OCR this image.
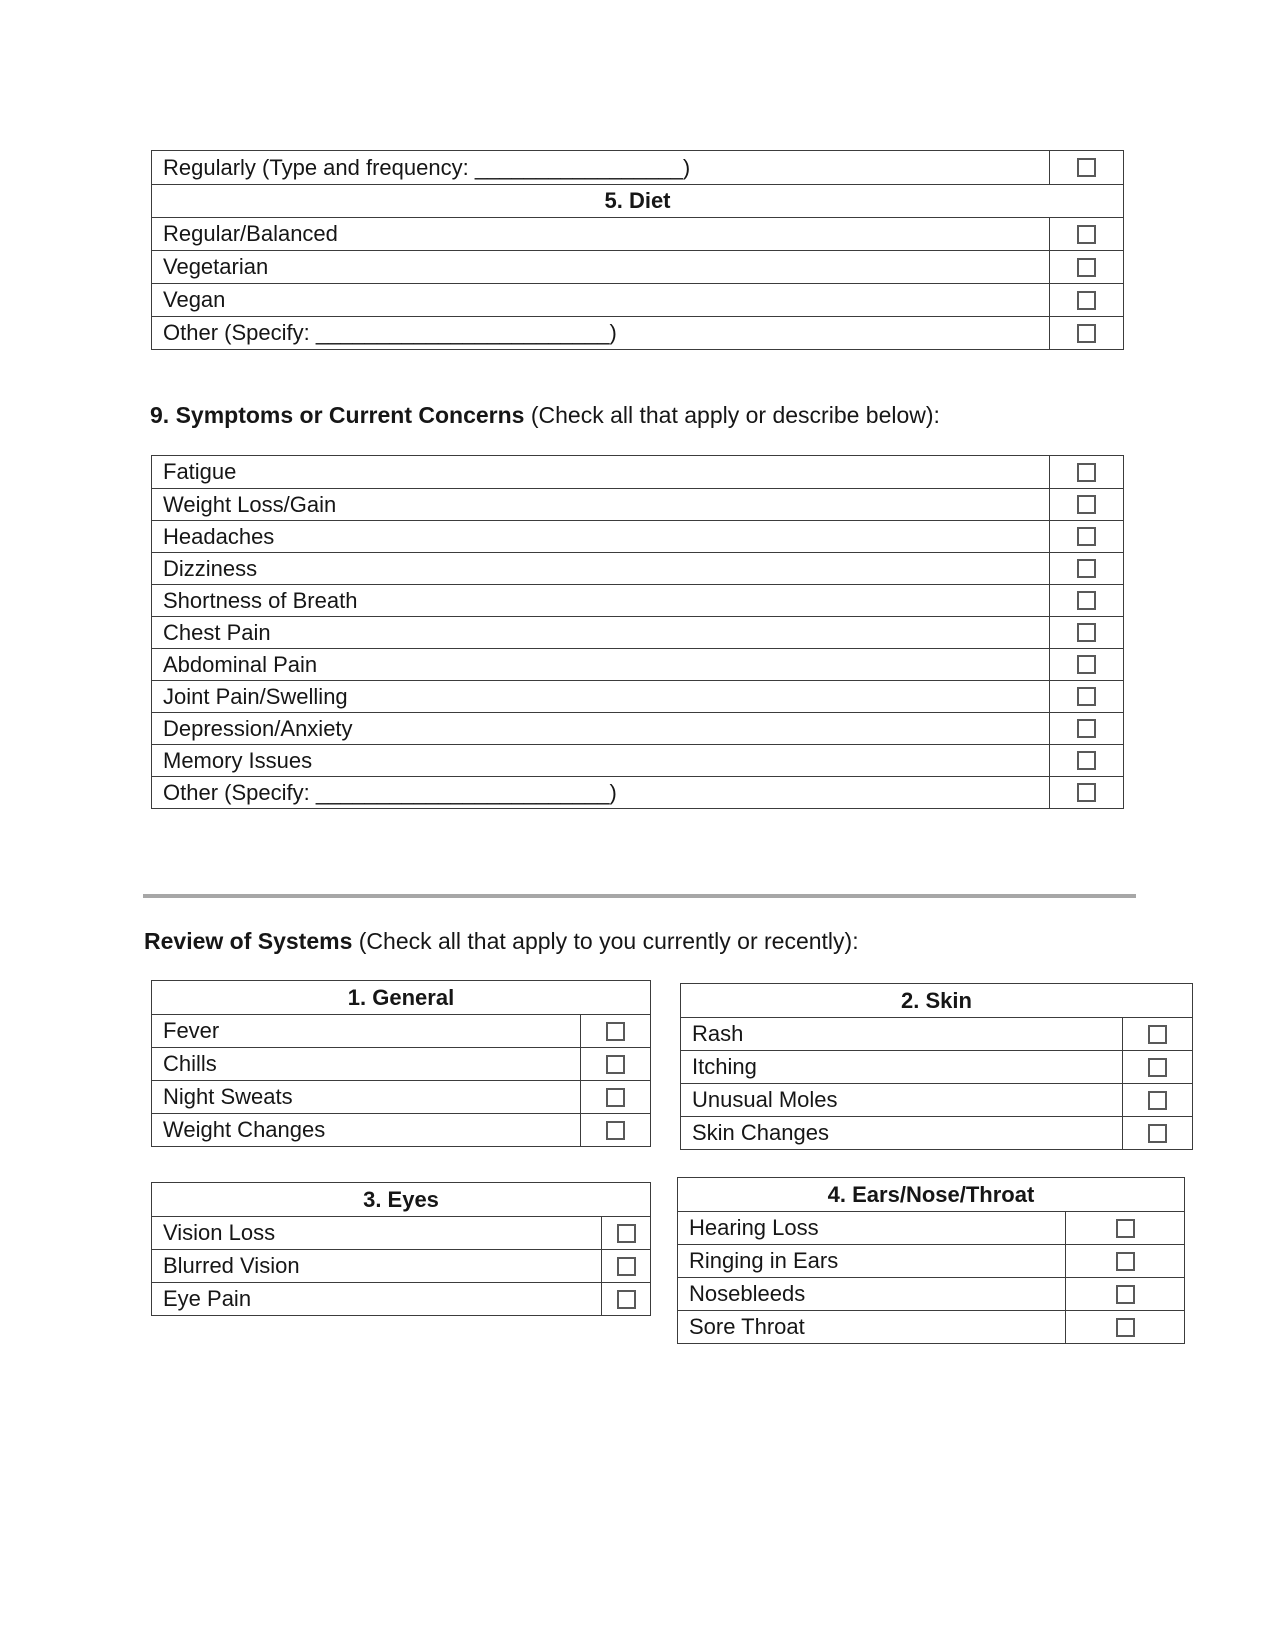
Regularly (Type and frequency: _________________)
5. Diet
Regular/Balanced
Vegetarian
Vegan
Other (Specify: ________________________)
9. Symptoms or Current Concerns (Check all that apply or describe below):
Fatigue
Weight Loss/Gain
Headaches
Dizziness
Shortness of Breath
Chest Pain
Abdominal Pain
Joint Pain/Swelling
Depression/Anxiety
Memory Issues
Other (Specify: ________________________)
Review of Systems (Check all that apply to you currently or recently):
1. General
Fever
Chills
Night Sweats
Weight Changes
2. Skin
Rash
Itching
Unusual Moles
Skin Changes
3. Eyes
Vision Loss
Blurred Vision
Eye Pain
4. Ears/Nose/Throat
Hearing Loss
Ringing in Ears
Nosebleeds
Sore Throat
